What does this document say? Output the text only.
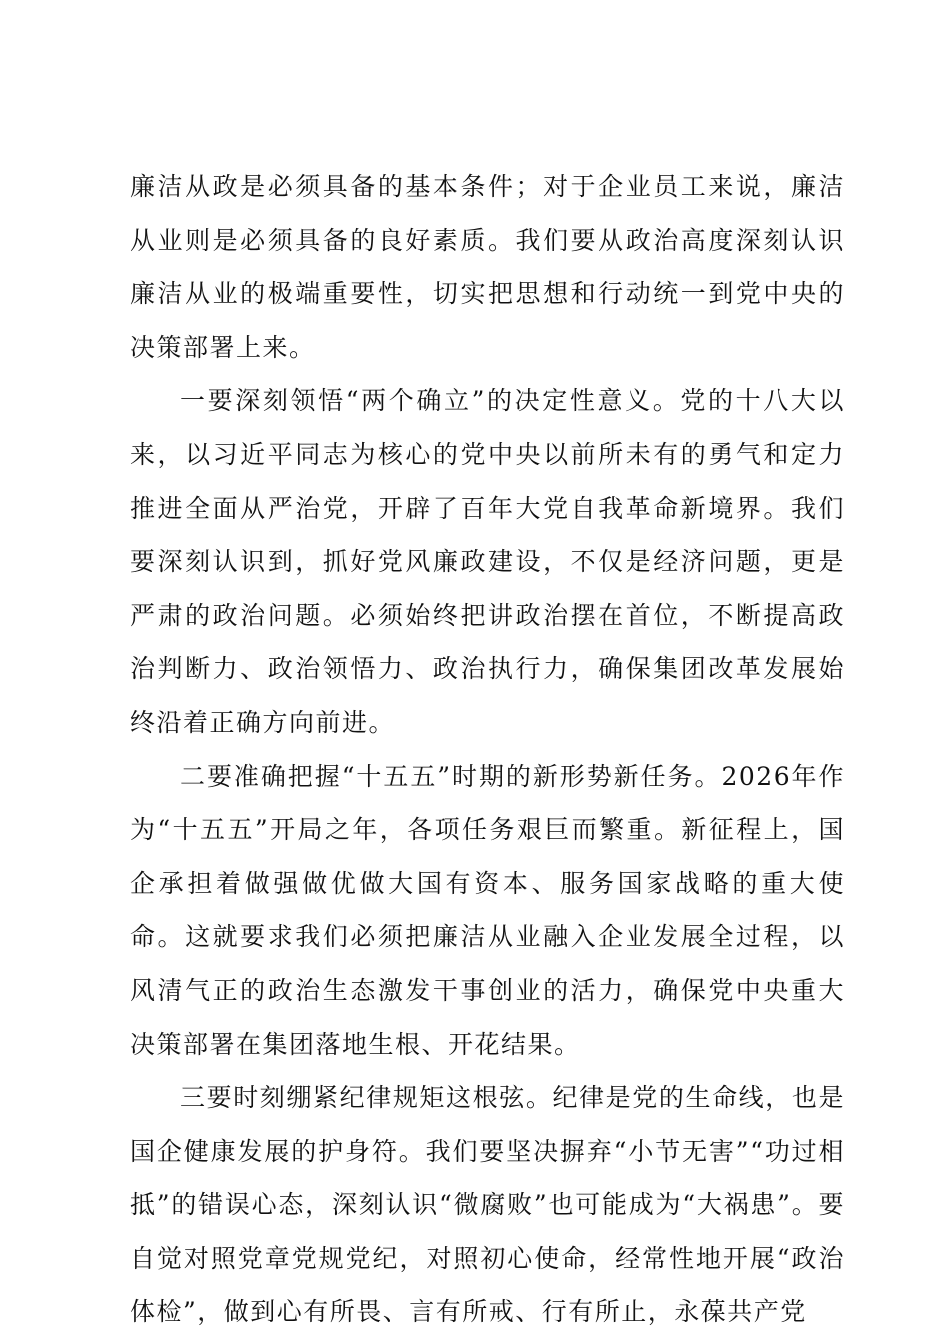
廉洁从政是必须具备的基本条件；对于企业员工来说，廉洁从业则是必须具备的良好素质。我们要从政治高度深刻认识廉洁从业的极端重要性，切实把思想和行动统一到党中央的决策部署上来。

一要深刻领悟“两个确立”的决定性意义。党的十八大以来，以习近平同志为核心的党中央以前所未有的勇气和定力推进全面从严治党，开辟了百年大党自我革命新境界。我们要深刻认识到，抓好党风廉政建设，不仅是经济问题，更是严肃的政治问题。必须始终把讲政治摆在首位，不断提高政治判断力、政治领悟力、政治执行力，确保集团改革发展始终沿着正确方向前进。

二要准确把握“十五五”时期的新形势新任务。2026年作为“十五五”开局之年，各项任务艰巨而繁重。新征程上，国企承担着做强做优做大国有资本、服务国家战略的重大使命。这就要求我们必须把廉洁从业融入企业发展全过程，以风清气正的政治生态激发干事创业的活力，确保党中央重大决策部署在集团落地生根、开花结果。

三要时刻绷紧纪律规矩这根弦。纪律是党的生命线，也是国企健康发展的护身符。我们要坚决摒弃“小节无害”“功过相抵”的错误心态，深刻认识“微腐败”也可能成为“大祸患”。要自觉对照党章党规党纪，对照初心使命，经常性地开展“政治体检”，做到心有所畏、言有所戒、行有所止，永葆共产党
